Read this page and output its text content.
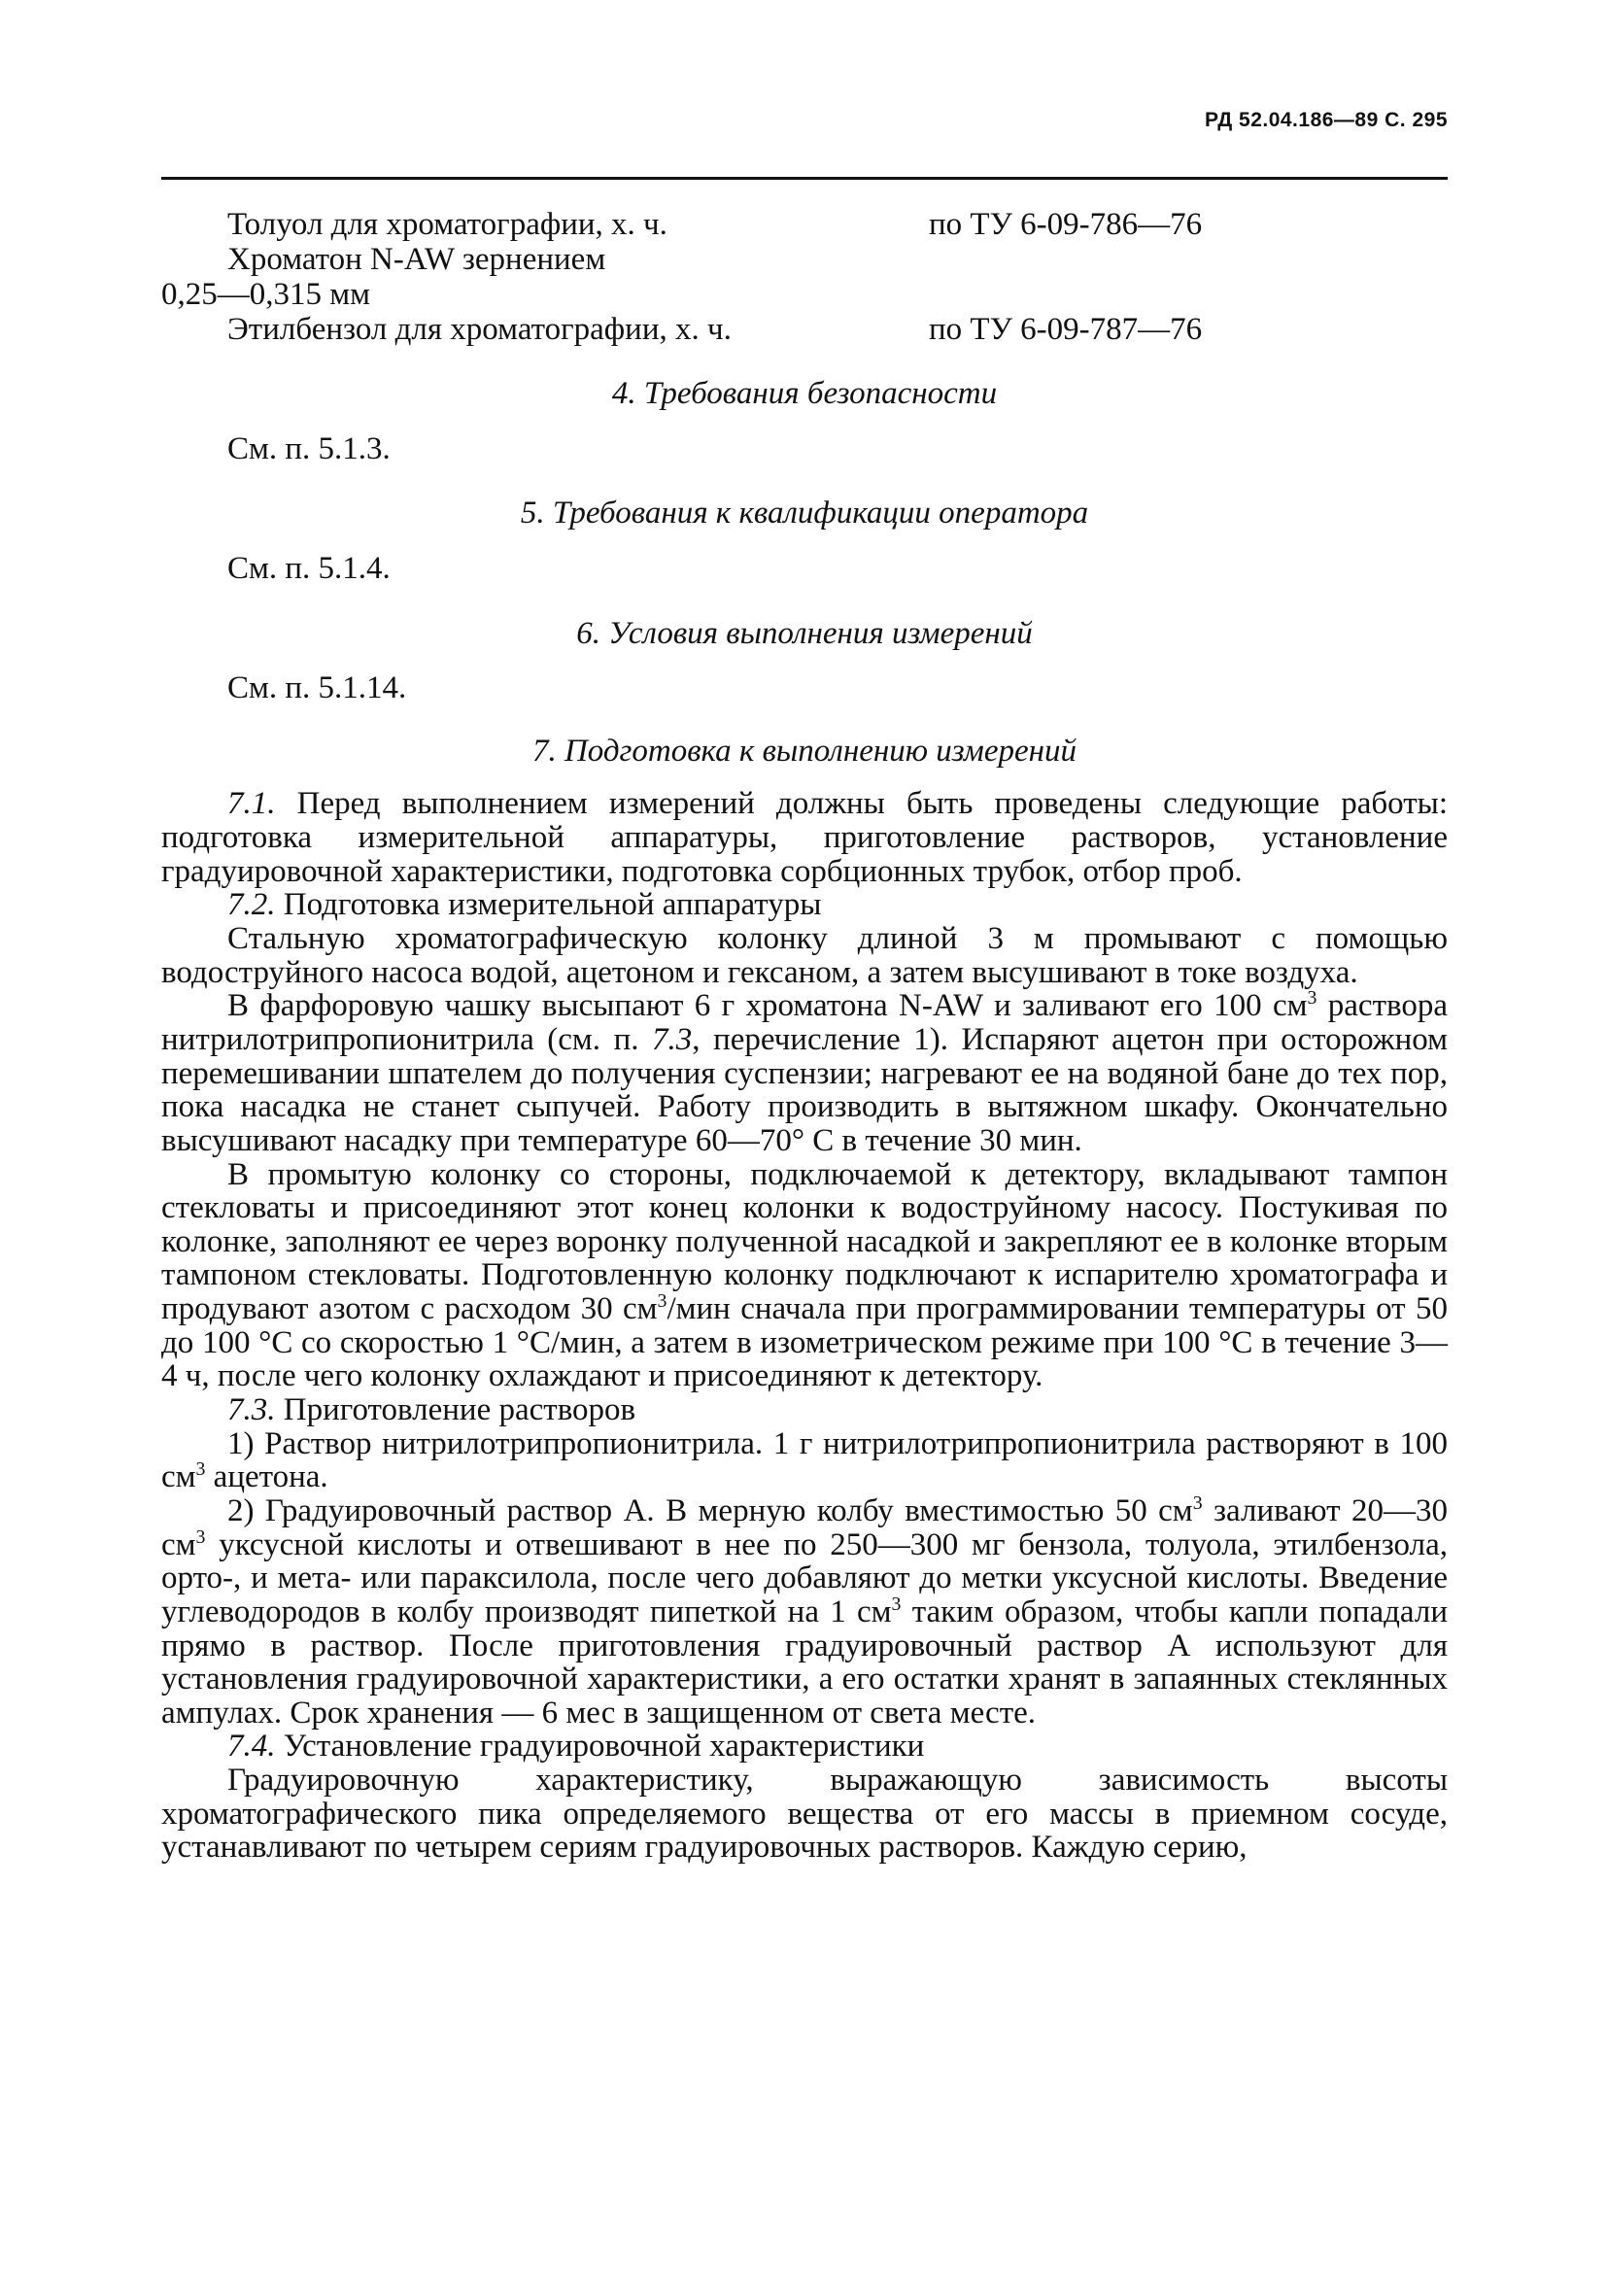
РД 52.04.186—89 С. 295
Толуол для хроматографии, х. ч.	по ТУ 6-09-786—76
Хроматон N-AW зернением
0,25—0,315 мм
Этилбензол для хроматографии, х. ч.	по ТУ 6-09-787—76
4. Требования безопасности
См. п. 5.1.3.
5. Требования к квалификации оператора
См. п. 5.1.4.
6. Условия выполнения измерений
См. п. 5.1.14.
7. Подготовка к выполнению измерений

7.1. Перед выполнением измерений должны быть проведены следующие работы: подготовка измерительной аппаратуры, приготовление растворов, установление градуировочной характеристики, подготовка сорбционных трубок, отбор проб.

7.2. Подготовка измерительной аппаратуры

Стальную хроматографическую колонку длиной 3 м промывают с помощью водоструйного насоса водой, ацетоном и гексаном, а затем высушивают в токе воздуха.

В фарфоровую чашку высыпают 6 г хроматона N-AW и заливают его 100 $см^3$ раствора нитрилотрипропионитрила (см. п. 7.3, перечисление 1). Испаряют ацетон при осторожном перемешивании шпателем до получения суспензии; нагревают ее на водяной бане до тех пор, пока насадка не станет сыпучей. Работу производить в вытяжном шкафу. Окончательно высушивают насадку при температуре 60—70° С в течение 30 мин.

В промытую колонку со стороны, подключаемой к детектору, вкладывают тампон стекловаты и присоединяют этот конец колонки к водоструйному насосу. Постукивая по колонке, заполняют ее через воронку полученной насадкой и закрепляют ее в колонке вторым тампоном стекловаты. Подготовленную колонку подключают к испарителю хроматографа и продувают азотом с расходом 30 $см^3$/мин сначала при программировании температуры от 50 до 100 °С со скоростью 1 °С/мин, а затем в изометрическом режиме при 100 °С в течение 3—4 ч, после чего колонку охлаждают и присоединяют к детектору.

7.3. Приготовление растворов

1) Раствор нитрилотрипропионитрила. 1 г нитрилотрипропионитрила растворяют в 100 $см^3$ ацетона.

2) Градуировочный раствор А. В мерную колбу вместимостью 50 $см^3$ заливают 20—30 $см^3$ уксусной кислоты и отвешивают в нее по 250—300 мг бензола, толуола, этилбензола, орто-, и мета- или параксилола, после чего добавляют до метки уксусной кислоты. Введение углеводородов в колбу производят пипеткой на 1 $см^3$ таким образом, чтобы капли попадали прямо в раствор. После приготовления градуировочный раствор А используют для установления градуировочной характеристики, а его остатки хранят в запаянных стеклянных ампулах. Срок хранения — 6 мес в защищенном от света месте.

7.4. Установление градуировочной характеристики

Градуировочную характеристику, выражающую зависимость высоты хроматографического пика определяемого вещества от его массы в приемном сосуде, устанавливают по четырем сериям градуировочных растворов. Каждую серию,
